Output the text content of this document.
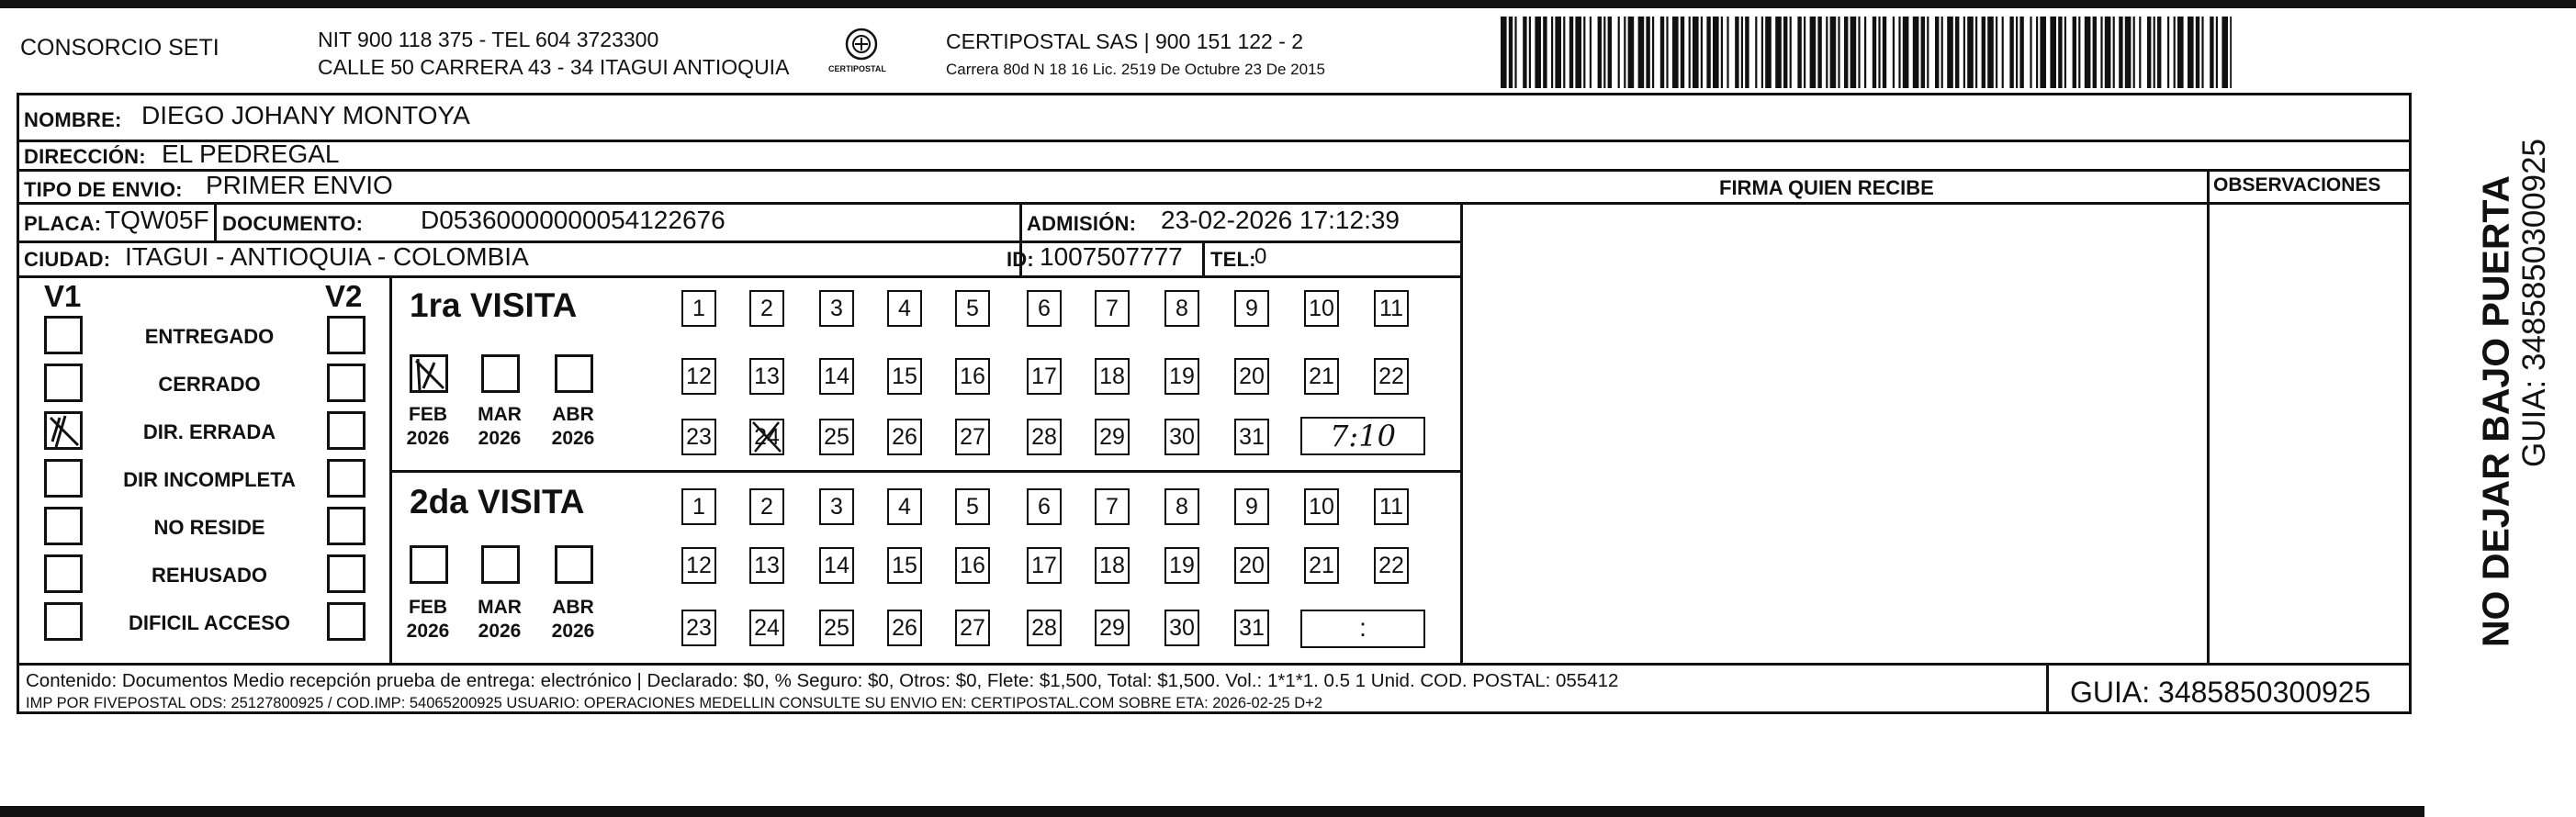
CONSORCIO SETI	NIT 900 118 375 - TEL 604 3723300
CALLE 50 CARRERA 43 - 34 ITAGUI ANTIOQUIA	CERTIPOSTAL
CERTIPOSTAL SAS | 900 151 122 - 2
Carrera 80d N 18 16 Lic. 2519 De Octubre 23 De 2015
NOMBRE: DIEGO JOHANY MONTOYA
DIRECCIÓN: EL PEDREGAL
TIPO DE ENVIO: PRIMER ENVIO
PLACA: TQW05F DOCUMENTO: D05360000000054122676	ADMISIÓN: 23-02-2026 17:12:39
CIUDAD: ITAGUI - ANTIOQUIA - COLOMBIA	ID: 1007507777 TEL:
0
FIRMA QUIEN RECIBE	OBSERVACIONES
V1	V2
ENTREGADO
CERRADO
DIR. ERRADA
DIR INCOMPLETA
NO RESIDE
REHUSADO
DIFICIL ACCESO
1ra VISITA
2da VISITA
FEB
2026
MAR
2026
ABR
2026
FEB
2026
MAR
2026
ABR
2026
1	2	3	4	5	6	7	8	9	10 11
12 13 14 15 16 17 18 19 20 21 22
23 24 25 26 27 28 29 30 31
1	2	3	4	5	6	7	8	9	10 11
12 13 14 15 16 17 18 19 20 21 22
23 24 25 26 27 28 29 30 31
7:10
:
Contenido: Documentos Medio recepción prueba de entrega: electrónico | Declarado: $0, % Seguro: $0, Otros: $0, Flete: $1,500, Total: $1,500. Vol.: 1*1*1. 0.5 1 Unid. COD. POSTAL: 055412
IMP POR FIVEPOSTAL ODS: 25127800925 / COD.IMP: 54065200925 USUARIO: OPERACIONES MEDELLIN CONSULTE SU ENVIO EN: CERTIPOSTAL.COM SOBRE ETA: 2026-02-25 D+2	GUIA: 3485850300925
NO DEJAR BAJO PUERTA GUIA: 3485850300925
